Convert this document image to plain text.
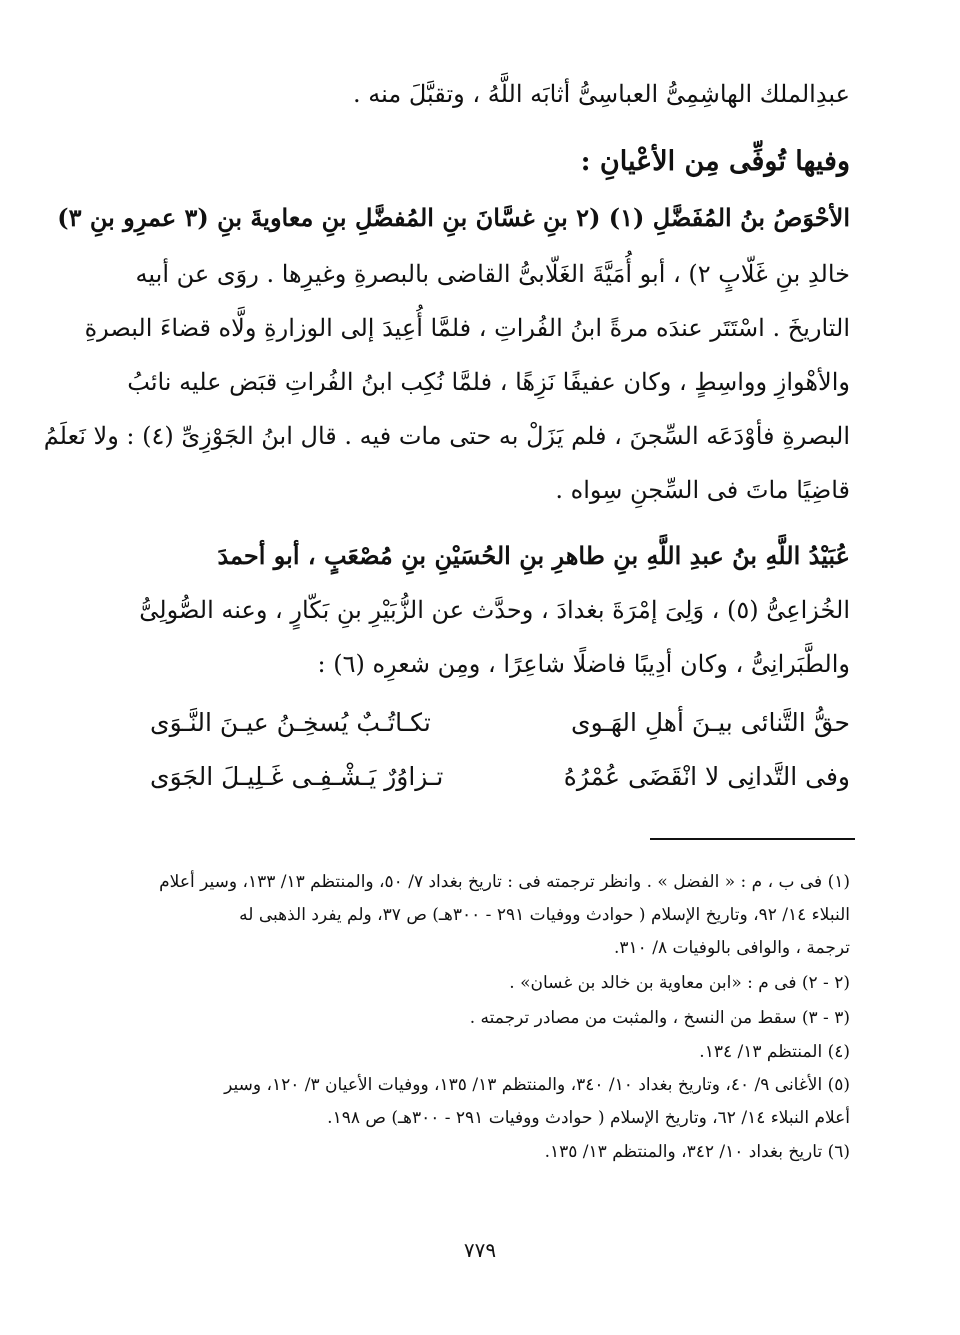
عبدِالملك الهاشِمِىُّ العباسِىُّ أثابَه اللَّهُ ، وتقبَّلَ منه .
وفيها تُوفِّى مِن الأعْيانِ :
الأحْوَصُ بنُ المُفَضَّلِ (١) (٢ بنِ غسَّانَ بنِ المُفضَّلِ بنِ معاويةَ بنِ (٣ عمرِو بنِ ٣)
خالدِ بنِ غَلّابٍ ٢) ، أبو أُمَيَّةَ الغَلّابىُّ القاضى بالبصرةِ وغيرِها . روَى عن أبيه
التاريخَ . اسْتَتَر عندَه مرةً ابنُ الفُراتِ ، فلمَّا أُعِيدَ إلى الوزارةِ ولَّاه قضاءَ البصرةِ
والأهْوازِ وواسِطٍ ، وكان عفيفًا نَزِهًا ، فلمَّا نُكِب ابنُ الفُراتِ قبَض عليه نائبُ
البصرةِ فأوْدَعَه السِّجنَ ، فلم يَزَلْ به حتى مات فيه . قال ابنُ الجَوْزِىِّ (٤) : ولا نَعلَمُ
قاضِيًا ماتَ فى السِّجنِ سِواه .
عُبَيْدُ اللَّهِ بنُ عبدِ اللَّهِ بنِ طاهرِ بنِ الحُسَيْنِ بنِ مُصْعَبٍ ، أبو أحمدَ
الخُزاعِىُّ (٥) ، وَلِىَ إمْرَةَ بغدادَ ، وحدَّث عن الزُّبَيْرِ بنِ بَكّارٍ ، وعنه الصُّولِىُّ
والطَّبَرانِىُّ ، وكان أدِيبًا فاضلًا شاعِرًا ، ومِن شعرِه (٦) :
حقُّ التَّنائى بيـنَ أهلِ الهَـوى
تكـاتُـبٌ يُسخِـنُ عيـنَ النَّـوَى
وفى التَّدانِى لا انْقَضَى عُمْرُهُ
تـزاوُرٌ يَـشْـفِـى غَـلِيـلَ الجَوَى
(١) فى ب ، م : « الفضل » . وانظر ترجمته فى : تاريخ بغداد ٧/ ٥٠، والمنتظم ١٣/ ١٣٣، وسير أعلام
النبلاء ١٤/ ٩٢، وتاريخ الإسلام ( حوادث ووفيات ٢٩١ - ٣٠٠هـ) ص ٣٧، ولم يفرد الذهبى له
ترجمة ، والوافى بالوفيات ٨/ ٣١٠.
(٢ - ٢) فى م : «ابن معاوية بن خالد بن غسان» .
(٣ - ٣) سقط من النسخ ، والمثبت من مصادر ترجمته .
(٤) المنتظم ١٣/ ١٣٤.
(٥) الأغانى ٩/ ٤٠، وتاريخ بغداد ١٠/ ٣٤٠، والمنتظم ١٣/ ١٣٥، ووفيات الأعيان ٣/ ١٢٠، وسير
أعلام النبلاء ١٤/ ٦٢، وتاريخ الإسلام ( حوادث ووفيات ٢٩١ - ٣٠٠هـ) ص ١٩٨.
(٦) تاريخ بغداد ١٠/ ٣٤٢، والمنتظم ١٣/ ١٣٥.
٧٧٩
